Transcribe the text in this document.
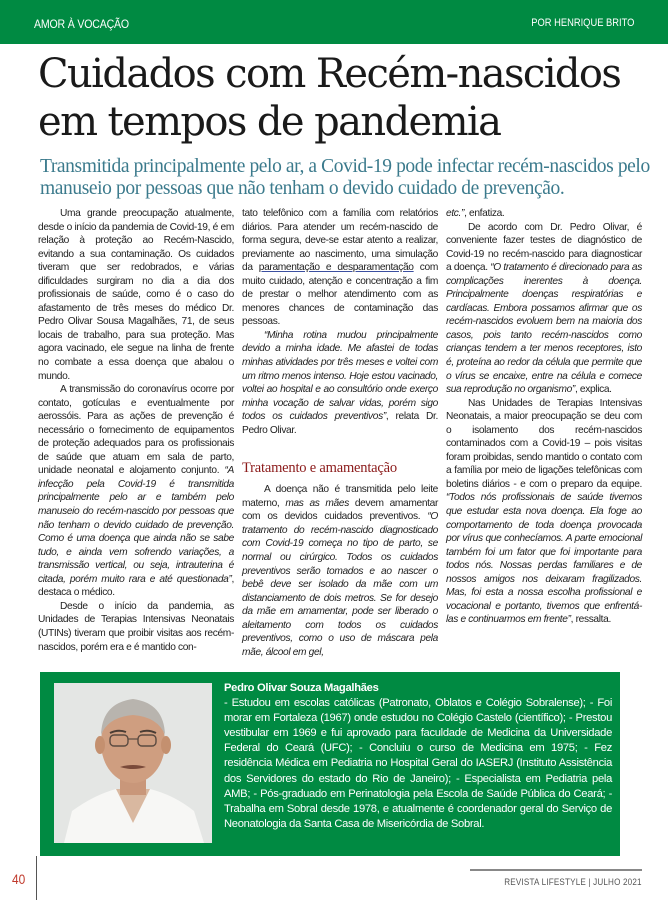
AMOR À VOCAÇÃO	POR HENRIQUE BRITO
Cuidados com Recém-nascidos em tempos de pandemia

Transmitida principalmente pelo ar, a Covid-19 pode infectar recém-nascidos pelo manuseio por pessoas que não tenham o devido cuidado de prevenção.

Uma grande preocupação atualmente, desde o início da pandemia de Covid-19, é em relação à proteção ao Recém-Nascido, evitando a sua contaminação. Os cuidados tiveram que ser redobrados, e várias dificuldades surgiram no dia a dia dos profissionais de saúde, como é o caso do afastamento de três meses do médico Dr. Pedro Olivar Sousa Magalhães, 71, de seus locais de trabalho, para sua proteção. Mas agora vacinado, ele segue na linha de frente no combate a essa doença que abalou o mundo.

A transmissão do coronavírus ocorre por contato, gotículas e eventualmente por aerossóis. Para as ações de prevenção é necessário o fornecimento de equipamentos de proteção adequados para os profissionais de saúde que atuam em sala de parto, unidade neonatal e alojamento conjunto. “A infecção pela Covid-19 é transmitida principalmente pelo ar e também pelo manuseio do recém-nascido por pessoas que não tenham o devido cuidado de prevenção. Como é uma doença que ainda não se sabe tudo, e ainda vem sofrendo variações, a transmissão vertical, ou seja, intrauterina é citada, porém muito rara e até questionada”, destaca o médico.

Desde o início da pandemia, as Unidades de Terapias Intensivas Neonatais (UTINs) tiveram que proibir visitas aos recém-nascidos, porém era e é mantido con-

tato telefônico com a família com relatórios diários. Para atender um recém-nascido de forma segura, deve-se estar atento a realizar, previamente ao nascimento, uma simulação da paramentação e desparamentação com muito cuidado, atenção e concentração a fim de prestar o melhor atendimento com as menores chances de contaminação das pessoas.

“Minha rotina mudou principalmente devido a minha idade. Me afastei de todas minhas atividades por três meses e voltei com um ritmo menos intenso. Hoje estou vacinado, voltei ao hospital e ao consultório onde exerço minha vocação de salvar vidas, porém sigo todos os cuidados preventivos”, relata Dr. Pedro Olivar.

Tratamento e amamentação

A doença não é transmitida pelo leite materno, mas as mães devem amamentar com os devidos cuidados preventivos. “O tratamento do recém-nascido diagnosticado com Covid-19 começa no tipo de parto, se normal ou cirúrgico. Todos os cuidados preventivos serão tomados e ao nascer o bebê deve ser isolado da mãe com um distanciamento de dois metros. Se for desejo da mãe em amamentar, pode ser liberado o aleitamento com todos os cuidados preventivos, como o uso de máscara pela mãe, álcool em gel,

etc.”, enfatiza.

De acordo com Dr. Pedro Olivar, é conveniente fazer testes de diagnóstico de Covid-19 no recém-nascido para diagnosticar a doença. “O tratamento é direcionado para as complicações inerentes à doença. Principalmente doenças respiratórias e cardíacas. Embora possamos afirmar que os recém-nascidos evoluem bem na maioria dos casos, pois tanto recém-nascidos como crianças tendem a ter menos receptores, isto é, proteína ao redor da célula que permite que o vírus se encaixe, entre na célula e comece sua reprodução no organismo”, explica.

Nas Unidades de Terapias Intensivas Neonatais, a maior preocupação se deu com o isolamento dos recém-nascidos contaminados com a Covid-19 – pois visitas foram proibidas, sendo mantido o contato com a família por meio de ligações telefônicas com boletins diários - e com o preparo da equipe. “Todos nós profissionais de saúde tivemos que estudar esta nova doença. Ela foge ao comportamento de toda doença provocada por vírus que conhecíamos. A parte emocional também foi um fator que foi importante para todos nós. Nossas perdas familiares e de nossos amigos nos deixaram fragilizados. Mas, foi esta a nossa escolha profissional e vocacional e portanto, tivemos que enfrentá-las e continuarmos em frente”, ressalta.

Pedro Olivar Souza Magalhães
- Estudou em escolas católicas (Patronato, Oblatos e Colégio Sobralense); - Foi morar em Fortaleza (1967) onde estudou no Colégio Castelo (científico); - Prestou vestibular em 1969 e fui aprovado para faculdade de Medicina da Universidade Federal do Ceará (UFC); - Concluiu o curso de Medicina em 1975; - Fez residência Médica em Pediatria no Hospital Geral do IASERJ (Instituto Assistência dos Servidores do estado do Rio de Janeiro); - Especialista em Pediatria pela AMB; - Pós-graduado em Perinatologia pela Escola de Saúde Pública do Ceará; - Trabalha em Sobral desde 1978, e atualmente é coordenador geral do Serviço de Neonatologia da Santa Casa de Misericórdia de Sobral.
40	REVISTA LIFESTYLE | JULHO 2021
